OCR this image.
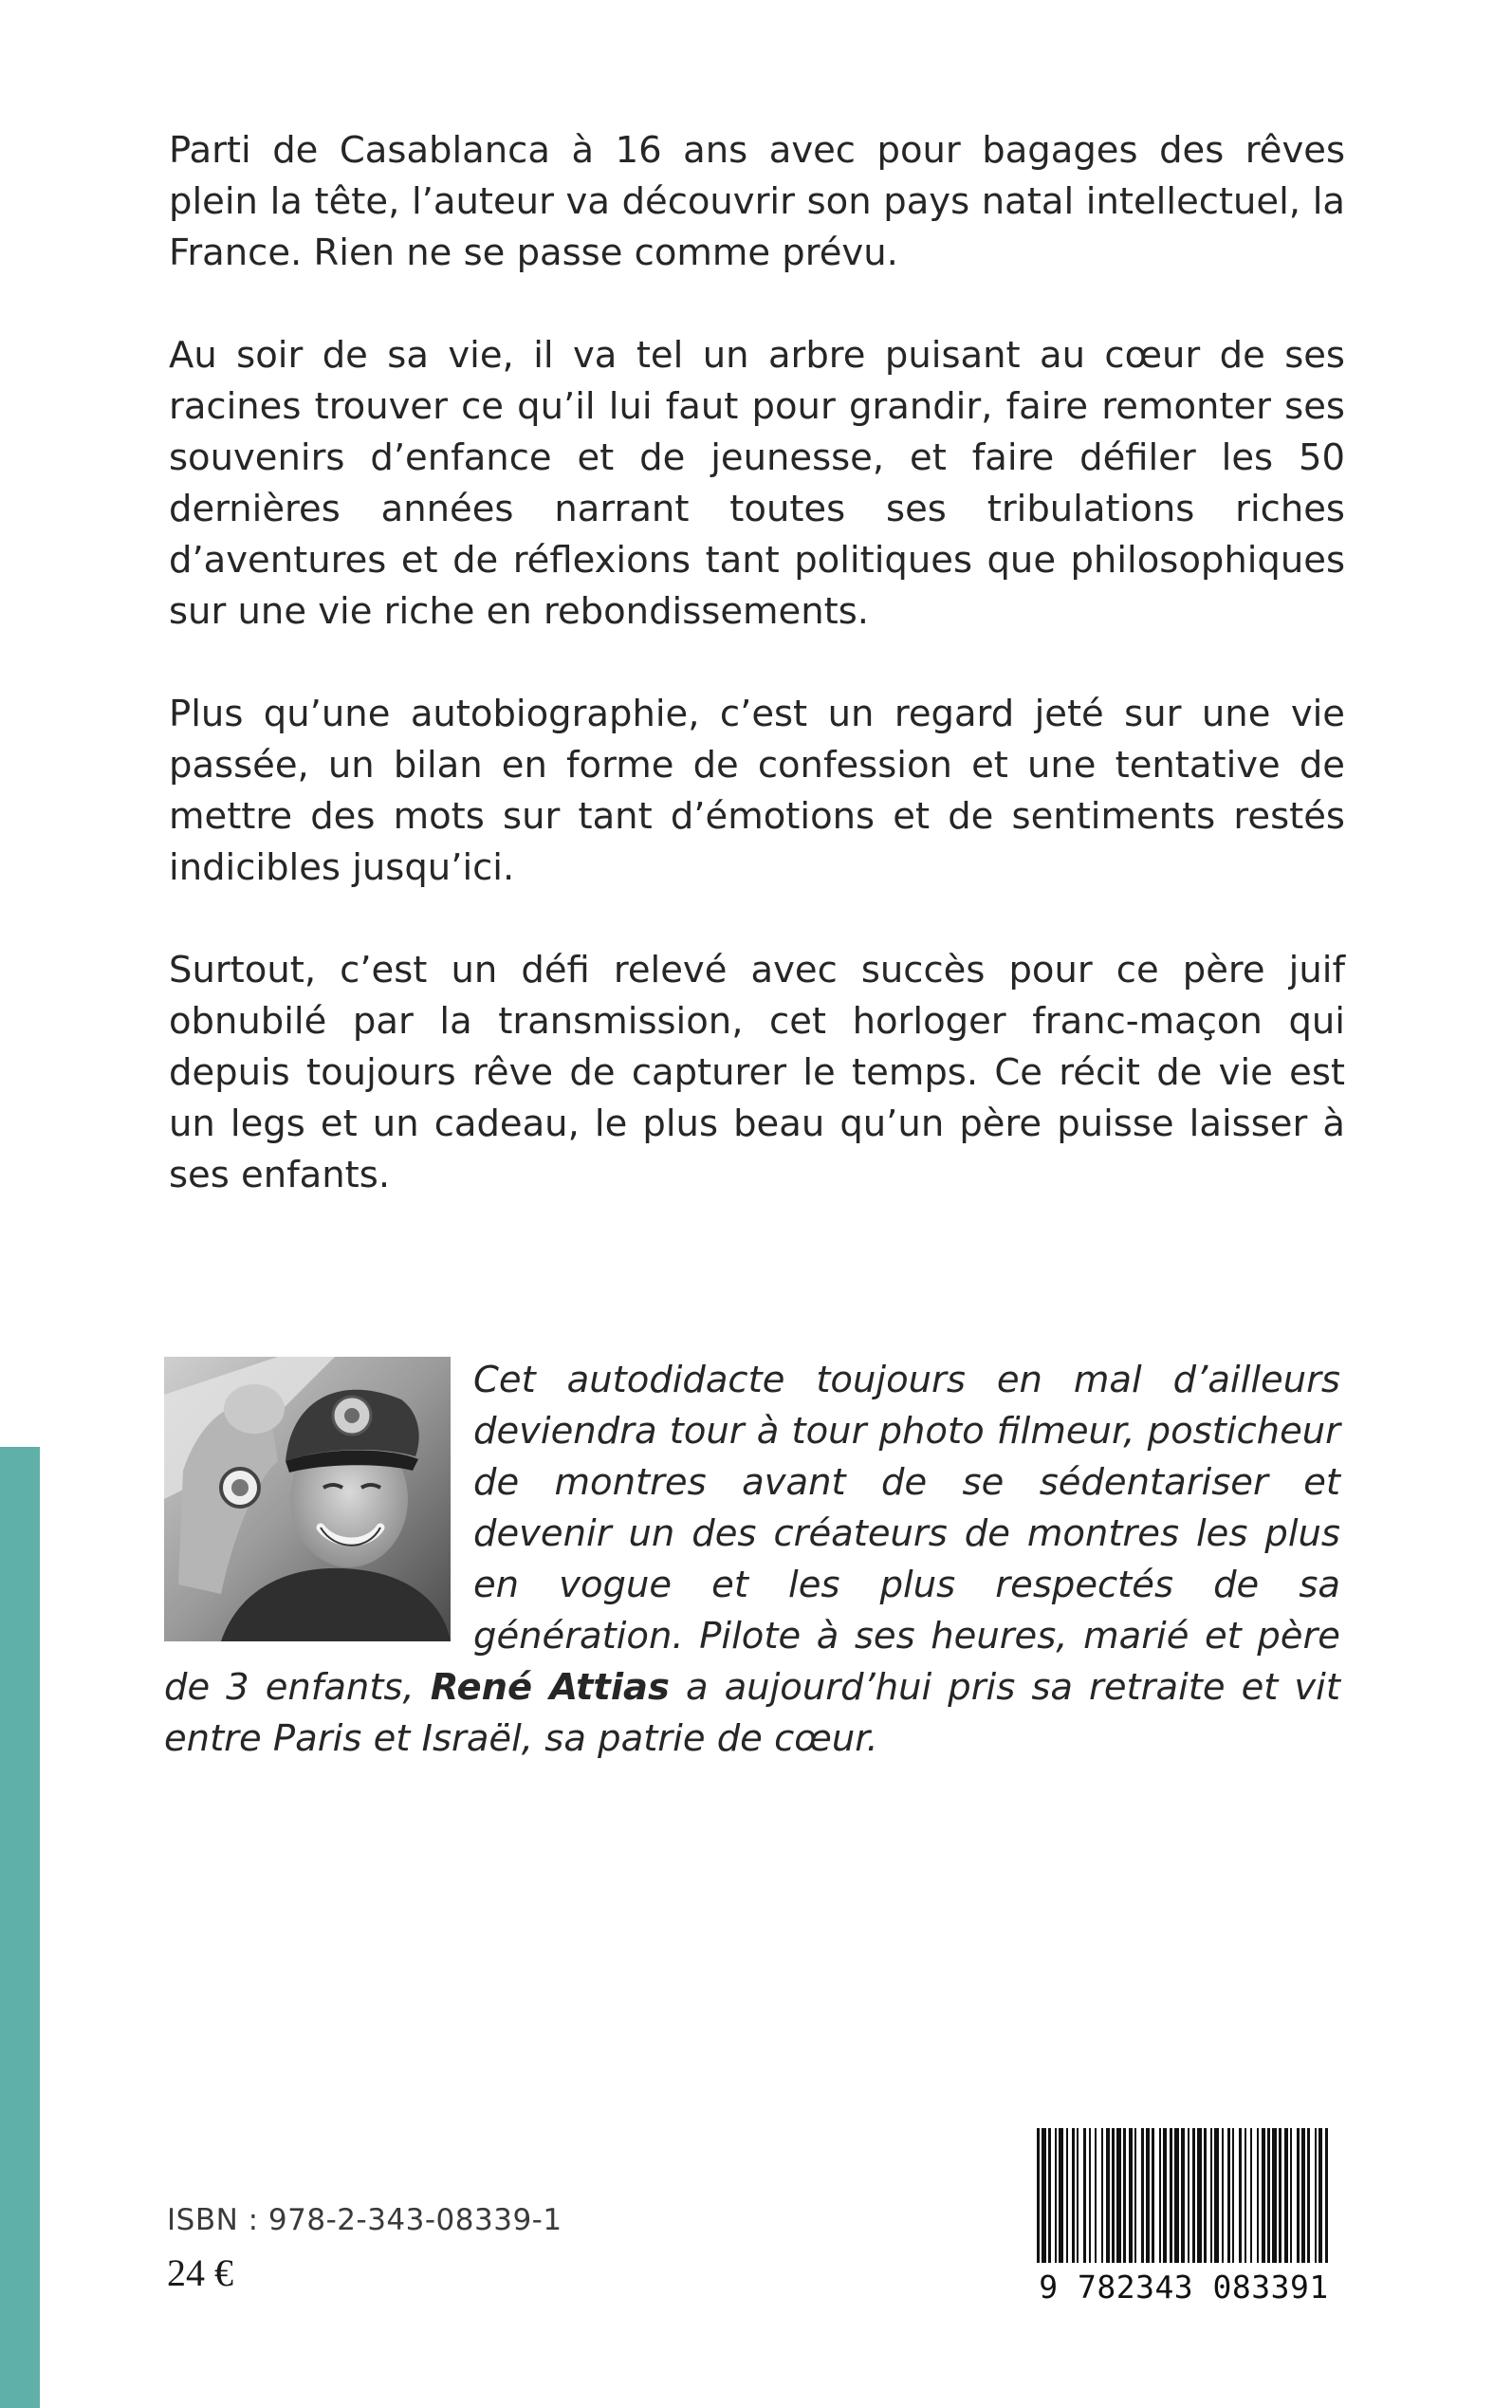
Parti de Casablanca à 16 ans avec pour bagages des rêves plein la tête, l’auteur va découvrir son pays natal intellectuel, la France. Rien ne se passe comme prévu.

Au soir de sa vie, il va tel un arbre puisant au cœur de ses racines trouver ce qu’il lui faut pour grandir, faire remonter ses souvenirs d’enfance et de jeunesse, et faire défiler les 50 dernières années narrant toutes ses tribulations riches d’aventures et de réflexions tant politiques que philosophiques sur une vie riche en rebondissements.

Plus qu’une autobiographie, c’est un regard jeté sur une vie passée, un bilan en forme de confession et une tentative de mettre des mots sur tant d’émotions et de sentiments restés indicibles jusqu’ici.

Surtout, c’est un défi relevé avec succès pour ce père juif obnubilé par la transmission, cet horloger franc-maçon qui depuis toujours rêve de capturer le temps. Ce récit de vie est un legs et un cadeau, le plus beau qu’un père puisse laisser à ses enfants.

Cet autodidacte toujours en mal d’ailleurs deviendra tour à tour photo filmeur, posticheur de montres avant de se sédentariser et devenir un des créateurs de montres les plus en vogue et les plus respectés de sa génération. Pilote à ses heures, marié et père de 3 enfants, René Attias a aujourd’hui pris sa retraite et vit entre Paris et Israël, sa patrie de cœur.

ISBN : 978-2-343-08339-1
24 €	9 782343 083391
